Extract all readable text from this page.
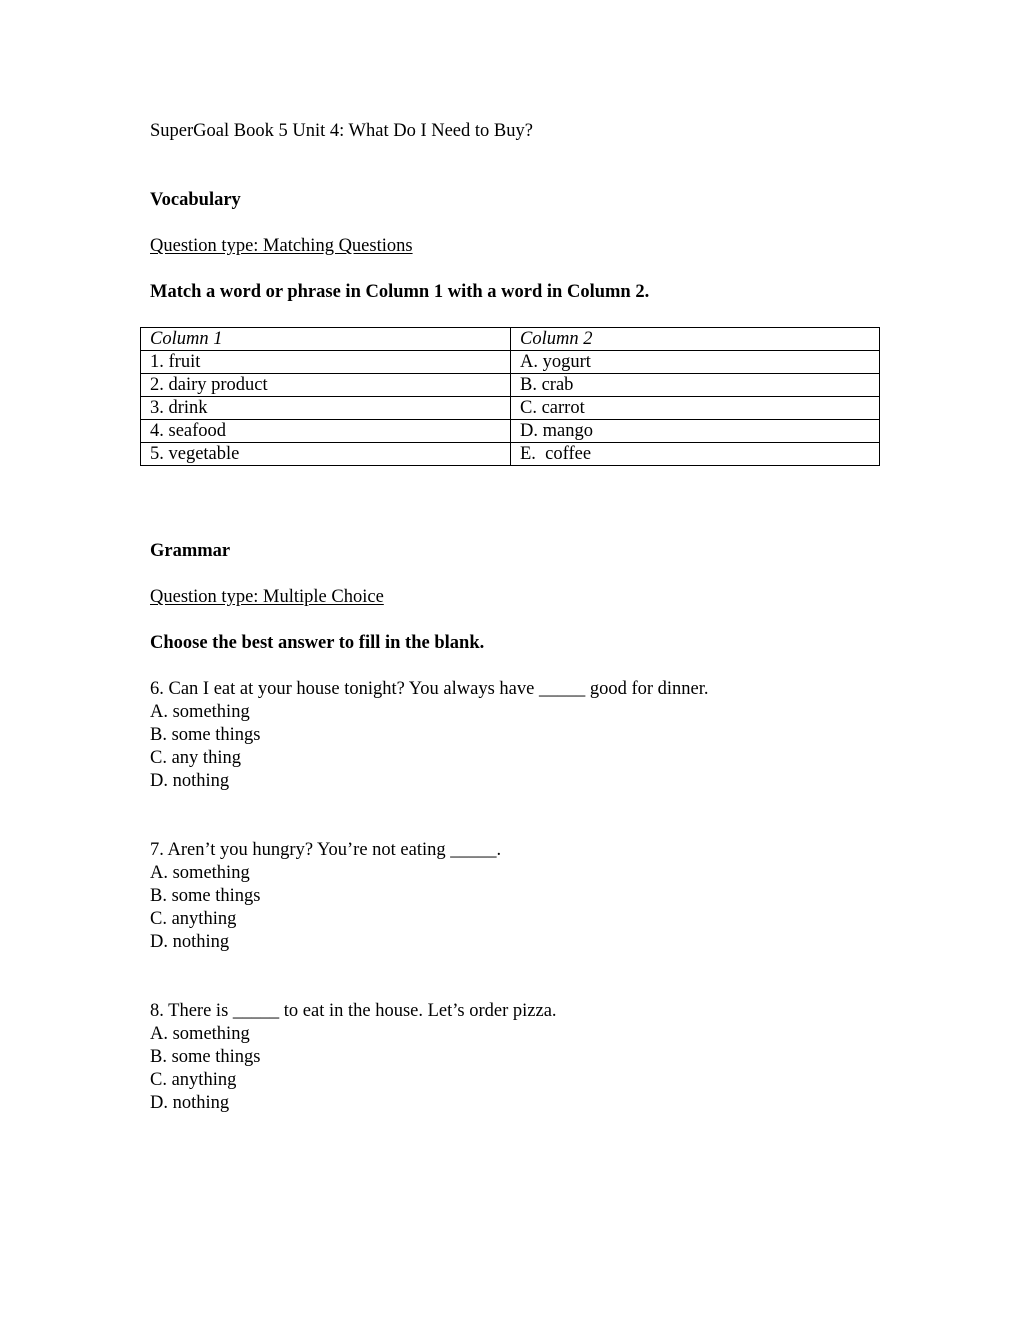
SuperGoal Book 5 Unit 4: What Do I Need to Buy?

Vocabulary

Question type: Matching Questions

Match a word or phrase in Column 1 with a word in Column 2.

Column 1	Column 2
1. fruit	A. yogurt
2. dairy product	B. crab
3. drink	C. carrot
4. seafood	D. mango
5. vegetable	E.  coffee

Grammar

Question type: Multiple Choice

Choose the best answer to fill in the blank.

6. Can I eat at your house tonight? You always have _____ good for dinner.

A. something

B. some things

C. any thing

D. nothing

7. Aren’t you hungry? You’re not eating _____.

A. something

B. some things

C. anything

D. nothing

8. There is _____ to eat in the house. Let’s order pizza.

A. something

B. some things

C. anything

D. nothing
